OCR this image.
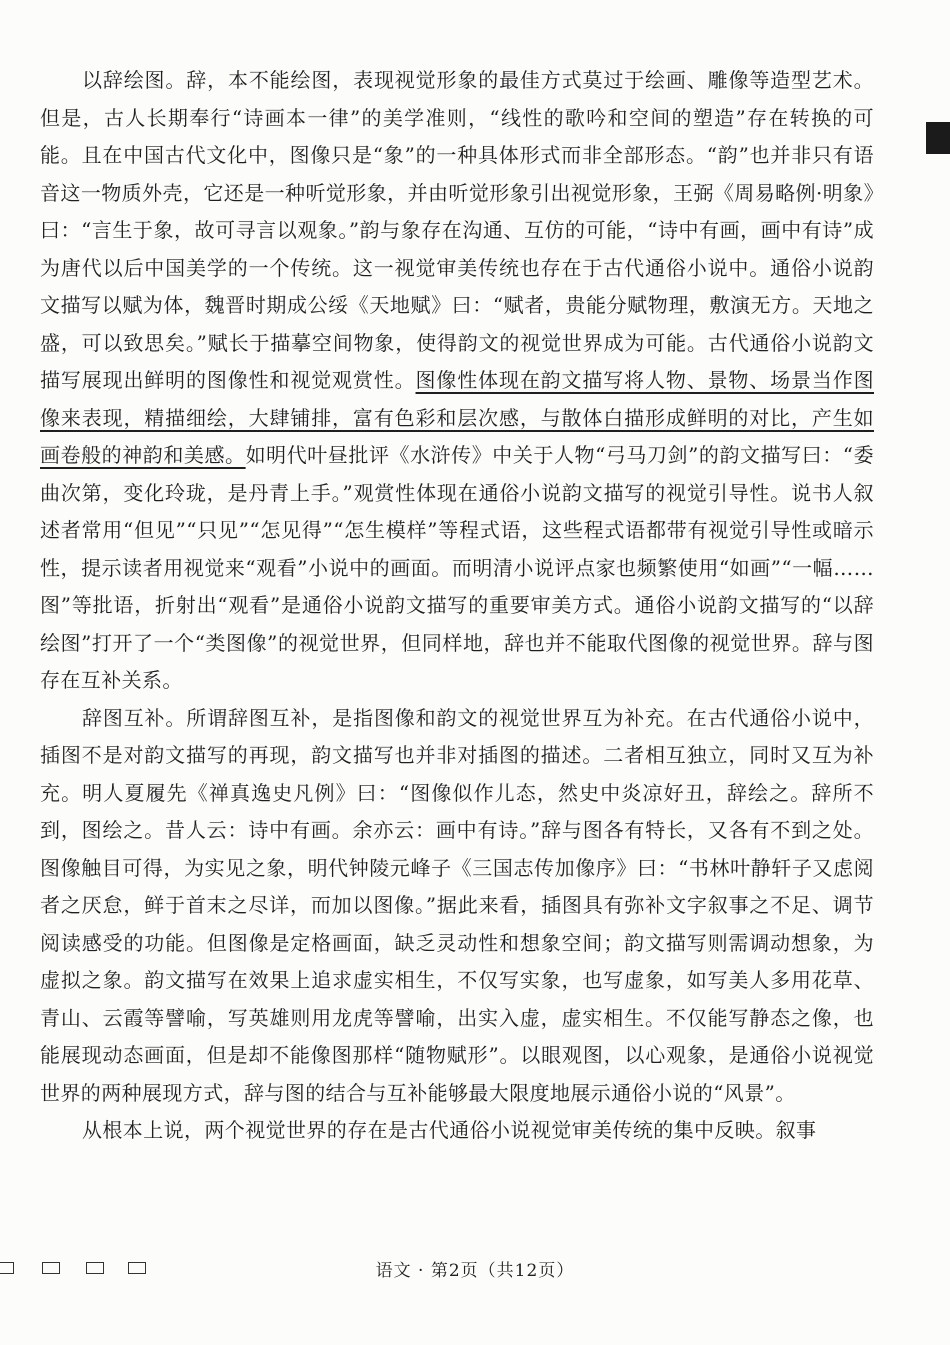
以辞绘图。辞，本不能绘图，表现视觉形象的最佳方式莫过于绘画、雕像等造型艺术。但是，古人长期奉行“诗画本一律”的美学准则，“线性的歌吟和空间的塑造”存在转换的可能。且在中国古代文化中，图像只是“象”的一种具体形式而非全部形态。“韵”也并非只有语音这一物质外壳，它还是一种听觉形象，并由听觉形象引出视觉形象，王弼《周易略例·明象》曰：“言生于象，故可寻言以观象。”韵与象存在沟通、互仿的可能，“诗中有画，画中有诗”成为唐代以后中国美学的一个传统。这一视觉审美传统也存在于古代通俗小说中。通俗小说韵文描写以赋为体，魏晋时期成公绥《天地赋》曰：“赋者，贵能分赋物理，敷演无方。天地之盛，可以致思矣。”赋长于描摹空间物象，使得韵文的视觉世界成为可能。古代通俗小说韵文描写展现出鲜明的图像性和视觉观赏性。图像性体现在韵文描写将人物、景物、场景当作图像来表现，精描细绘，大肆铺排，富有色彩和层次感，与散体白描形成鲜明的对比，产生如画卷般的神韵和美感。如明代叶昼批评《水浒传》中关于人物“弓马刀剑”的韵文描写曰：“委曲次第，变化玲珑，是丹青上手。”观赏性体现在通俗小说韵文描写的视觉引导性。说书人叙述者常用“但见”“只见”“怎见得”“怎生模样”等程式语，这些程式语都带有视觉引导性或暗示性，提示读者用视觉来“观看”小说中的画面。而明清小说评点家也频繁使用“如画”“一幅……图”等批语，折射出“观看”是通俗小说韵文描写的重要审美方式。通俗小说韵文描写的“以辞绘图”打开了一个“类图像”的视觉世界，但同样地，辞也并不能取代图像的视觉世界。辞与图存在互补关系。

辞图互补。所谓辞图互补，是指图像和韵文的视觉世界互为补充。在古代通俗小说中，插图不是对韵文描写的再现，韵文描写也并非对插图的描述。二者相互独立，同时又互为补充。明人夏履先《禅真逸史凡例》曰：“图像似作儿态，然史中炎凉好丑，辞绘之。辞所不到，图绘之。昔人云：诗中有画。余亦云：画中有诗。”辞与图各有特长，又各有不到之处。图像触目可得，为实见之象，明代钟陵元峰子《三国志传加像序》曰：“书林叶静轩子又虑阅者之厌怠，鲜于首末之尽详，而加以图像。”据此来看，插图具有弥补文字叙事之不足、调节阅读感受的功能。但图像是定格画面，缺乏灵动性和想象空间；韵文描写则需调动想象，为虚拟之象。韵文描写在效果上追求虚实相生，不仅写实象，也写虚象，如写美人多用花草、青山、云霞等譬喻，写英雄则用龙虎等譬喻，出实入虚，虚实相生。不仅能写静态之像，也能展现动态画面，但是却不能像图那样“随物赋形”。以眼观图，以心观象，是通俗小说视觉世界的两种展现方式，辞与图的结合与互补能够最大限度地展示通俗小说的“风景”。

从根本上说，两个视觉世界的存在是古代通俗小说视觉审美传统的集中反映。叙事

语文 · 第2页（共12页）
